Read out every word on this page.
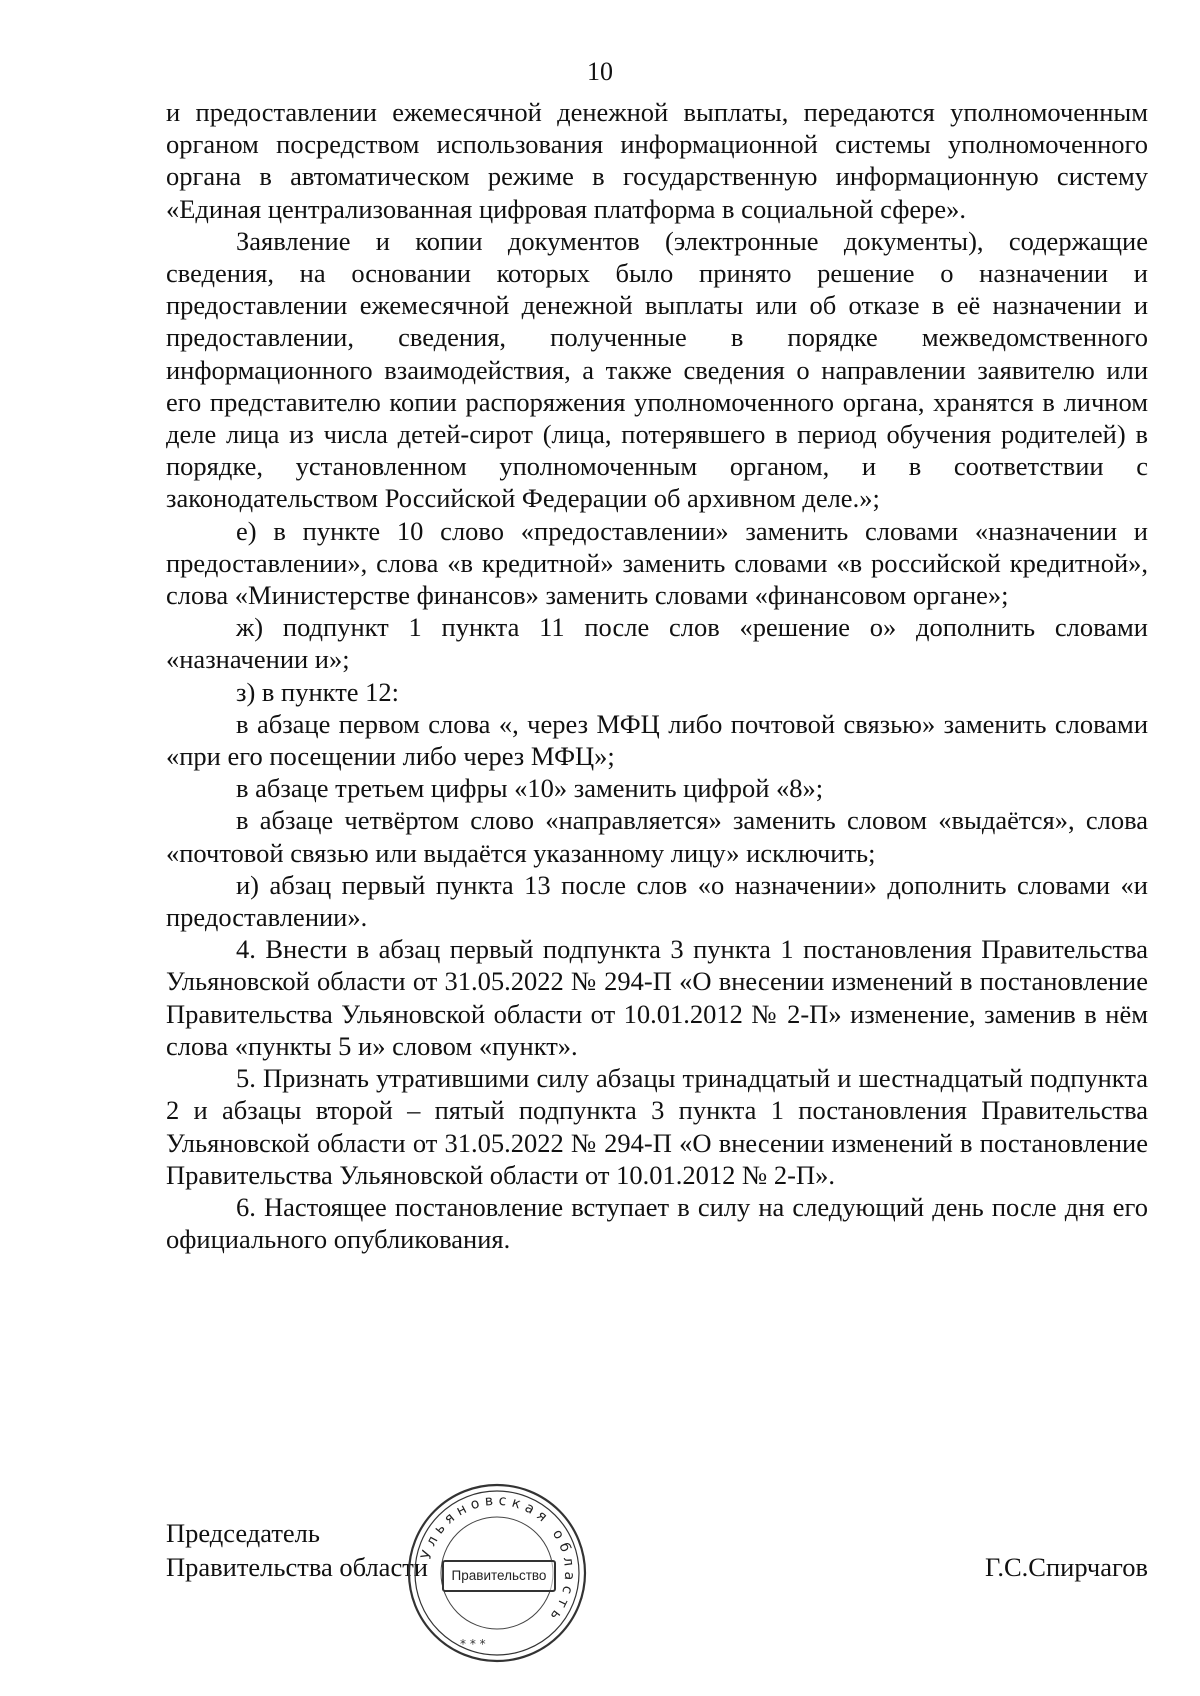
10

и предоставлении ежемесячной денежной выплаты, передаются уполномоченным органом посредством использования информационной системы уполномоченного органа в автоматическом режиме в государственную информационную систему «Единая централизованная цифровая платформа в социальной сфере».

Заявление и копии документов (электронные документы), содержащие сведения, на основании которых было принято решение о назначении и предоставлении ежемесячной денежной выплаты или об отказе в её назначении и предоставлении, сведения, полученные в порядке межведомственного информационного взаимодействия, а также сведения о направлении заявителю или его представителю копии распоряжения уполномоченного органа, хранятся в личном деле лица из числа детей-сирот (лица, потерявшего в период обучения родителей) в порядке, установленном уполномоченным органом, и в соответствии с законодательством Российской Федерации об архивном деле.»;

е) в пункте 10 слово «предоставлении» заменить словами «назначении и предоставлении», слова «в кредитной» заменить словами «в российской кредитной», слова «Министерстве финансов» заменить словами «финансовом органе»;

ж) подпункт 1 пункта 11 после слов «решение о» дополнить словами «назначении и»;

з) в пункте 12:

в абзаце первом слова «, через МФЦ либо почтовой связью» заменить словами «при его посещении либо через МФЦ»;

в абзаце третьем цифры «10» заменить цифрой «8»;

в абзаце четвёртом слово «направляется» заменить словом «выдаётся», слова «почтовой связью или выдаётся указанному лицу» исключить;

и) абзац первый пункта 13 после слов «о назначении» дополнить словами «и предоставлении».

4. Внести в абзац первый подпункта 3 пункта 1 постановления Правительства Ульяновской области от 31.05.2022 № 294-П «О внесении изменений в постановление Правительства Ульяновской области от 10.01.2012 № 2-П» изменение, заменив в нём слова «пункты 5 и» словом «пункт».

5. Признать утратившими силу абзацы тринадцатый и шестнадцатый подпункта 2 и абзацы второй – пятый подпункта 3 пункта 1 постановления Правительства Ульяновской области от 31.05.2022 № 294-П «О внесении изменений в постановление Правительства Ульяновской области от 10.01.2012 № 2-П».

6. Настоящее постановление вступает в силу на следующий день после дня его официального опубликования.

Председатель
Правительства области	Г.С.Спирчагов
Ульяновская область
* * *
Правительство
